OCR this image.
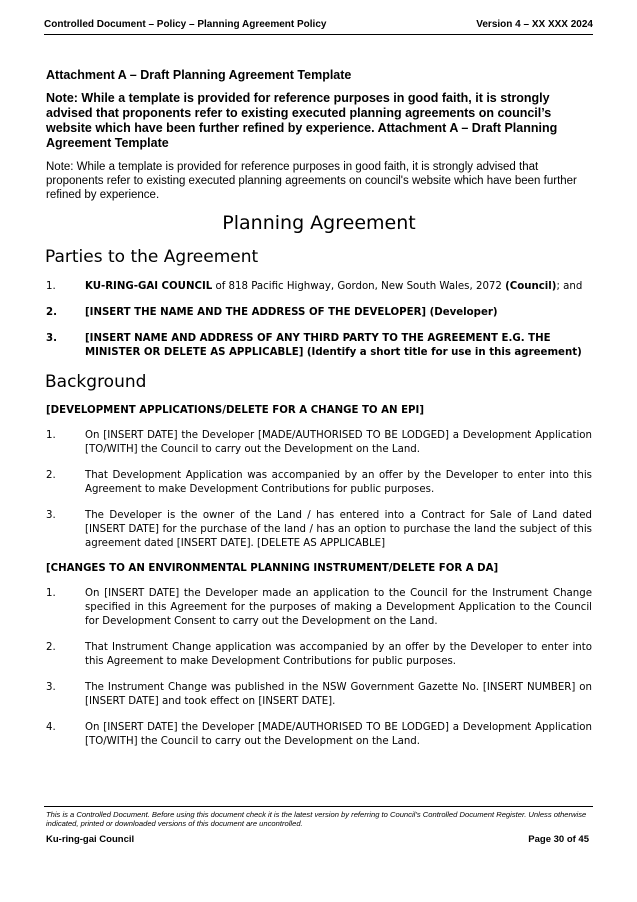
Controlled Document – Policy – Planning Agreement Policy	Version 4 – XX XXX 2024
Attachment A – Draft Planning Agreement Template
Note: While a template is provided for reference purposes in good faith, it is strongly advised that proponents refer to existing executed planning agreements on council’s website which have been further refined by experience. Attachment A – Draft Planning Agreement Template
Note: While a template is provided for reference purposes in good faith, it is strongly advised that proponents refer to existing executed planning agreements on council's website which have been further refined by experience.
Planning Agreement
Parties to the Agreement
1.	KU-RING-GAI COUNCIL of 818 Pacific Highway, Gordon, New South Wales, 2072 (Council); and
2.	[INSERT THE NAME AND THE ADDRESS OF THE DEVELOPER] (Developer)
3.	[INSERT NAME AND ADDRESS OF ANY THIRD PARTY TO THE AGREEMENT E.G. THE MINISTER OR DELETE AS APPLICABLE] (Identify a short title for use in this agreement)
Background
[DEVELOPMENT APPLICATIONS/DELETE FOR A CHANGE TO AN EPI]
1.	On [INSERT DATE] the Developer [MADE/AUTHORISED TO BE LODGED] a Development Application [TO/WITH] the Council to carry out the Development on the Land.
2.	That Development Application was accompanied by an offer by the Developer to enter into this Agreement to make Development Contributions for public purposes.
3.	The Developer is the owner of the Land / has entered into a Contract for Sale of Land dated [INSERT DATE] for the purchase of the land / has an option to purchase the land the subject of this agreement dated [INSERT DATE]. [DELETE AS APPLICABLE]
[CHANGES TO AN ENVIRONMENTAL PLANNING INSTRUMENT/DELETE FOR A DA]
1.	On [INSERT DATE] the Developer made an application to the Council for the Instrument Change specified in this Agreement for the purposes of making a Development Application to the Council for Development Consent to carry out the Development on the Land.
2.	That Instrument Change application was accompanied by an offer by the Developer to enter into this Agreement to make Development Contributions for public purposes.
3.	The Instrument Change was published in the NSW Government Gazette No. [INSERT NUMBER] on [INSERT DATE] and took effect on [INSERT DATE].
4.	On [INSERT DATE] the Developer [MADE/AUTHORISED TO BE LODGED] a Development Application [TO/WITH] the Council to carry out the Development on the Land.
This is a Controlled Document. Before using this document check it is the latest version by referring to Council’s Controlled Document Register. Unless otherwise indicated, printed or downloaded versions of this document are uncontrolled.
Ku-ring-gai Council	Page 30 of 45
